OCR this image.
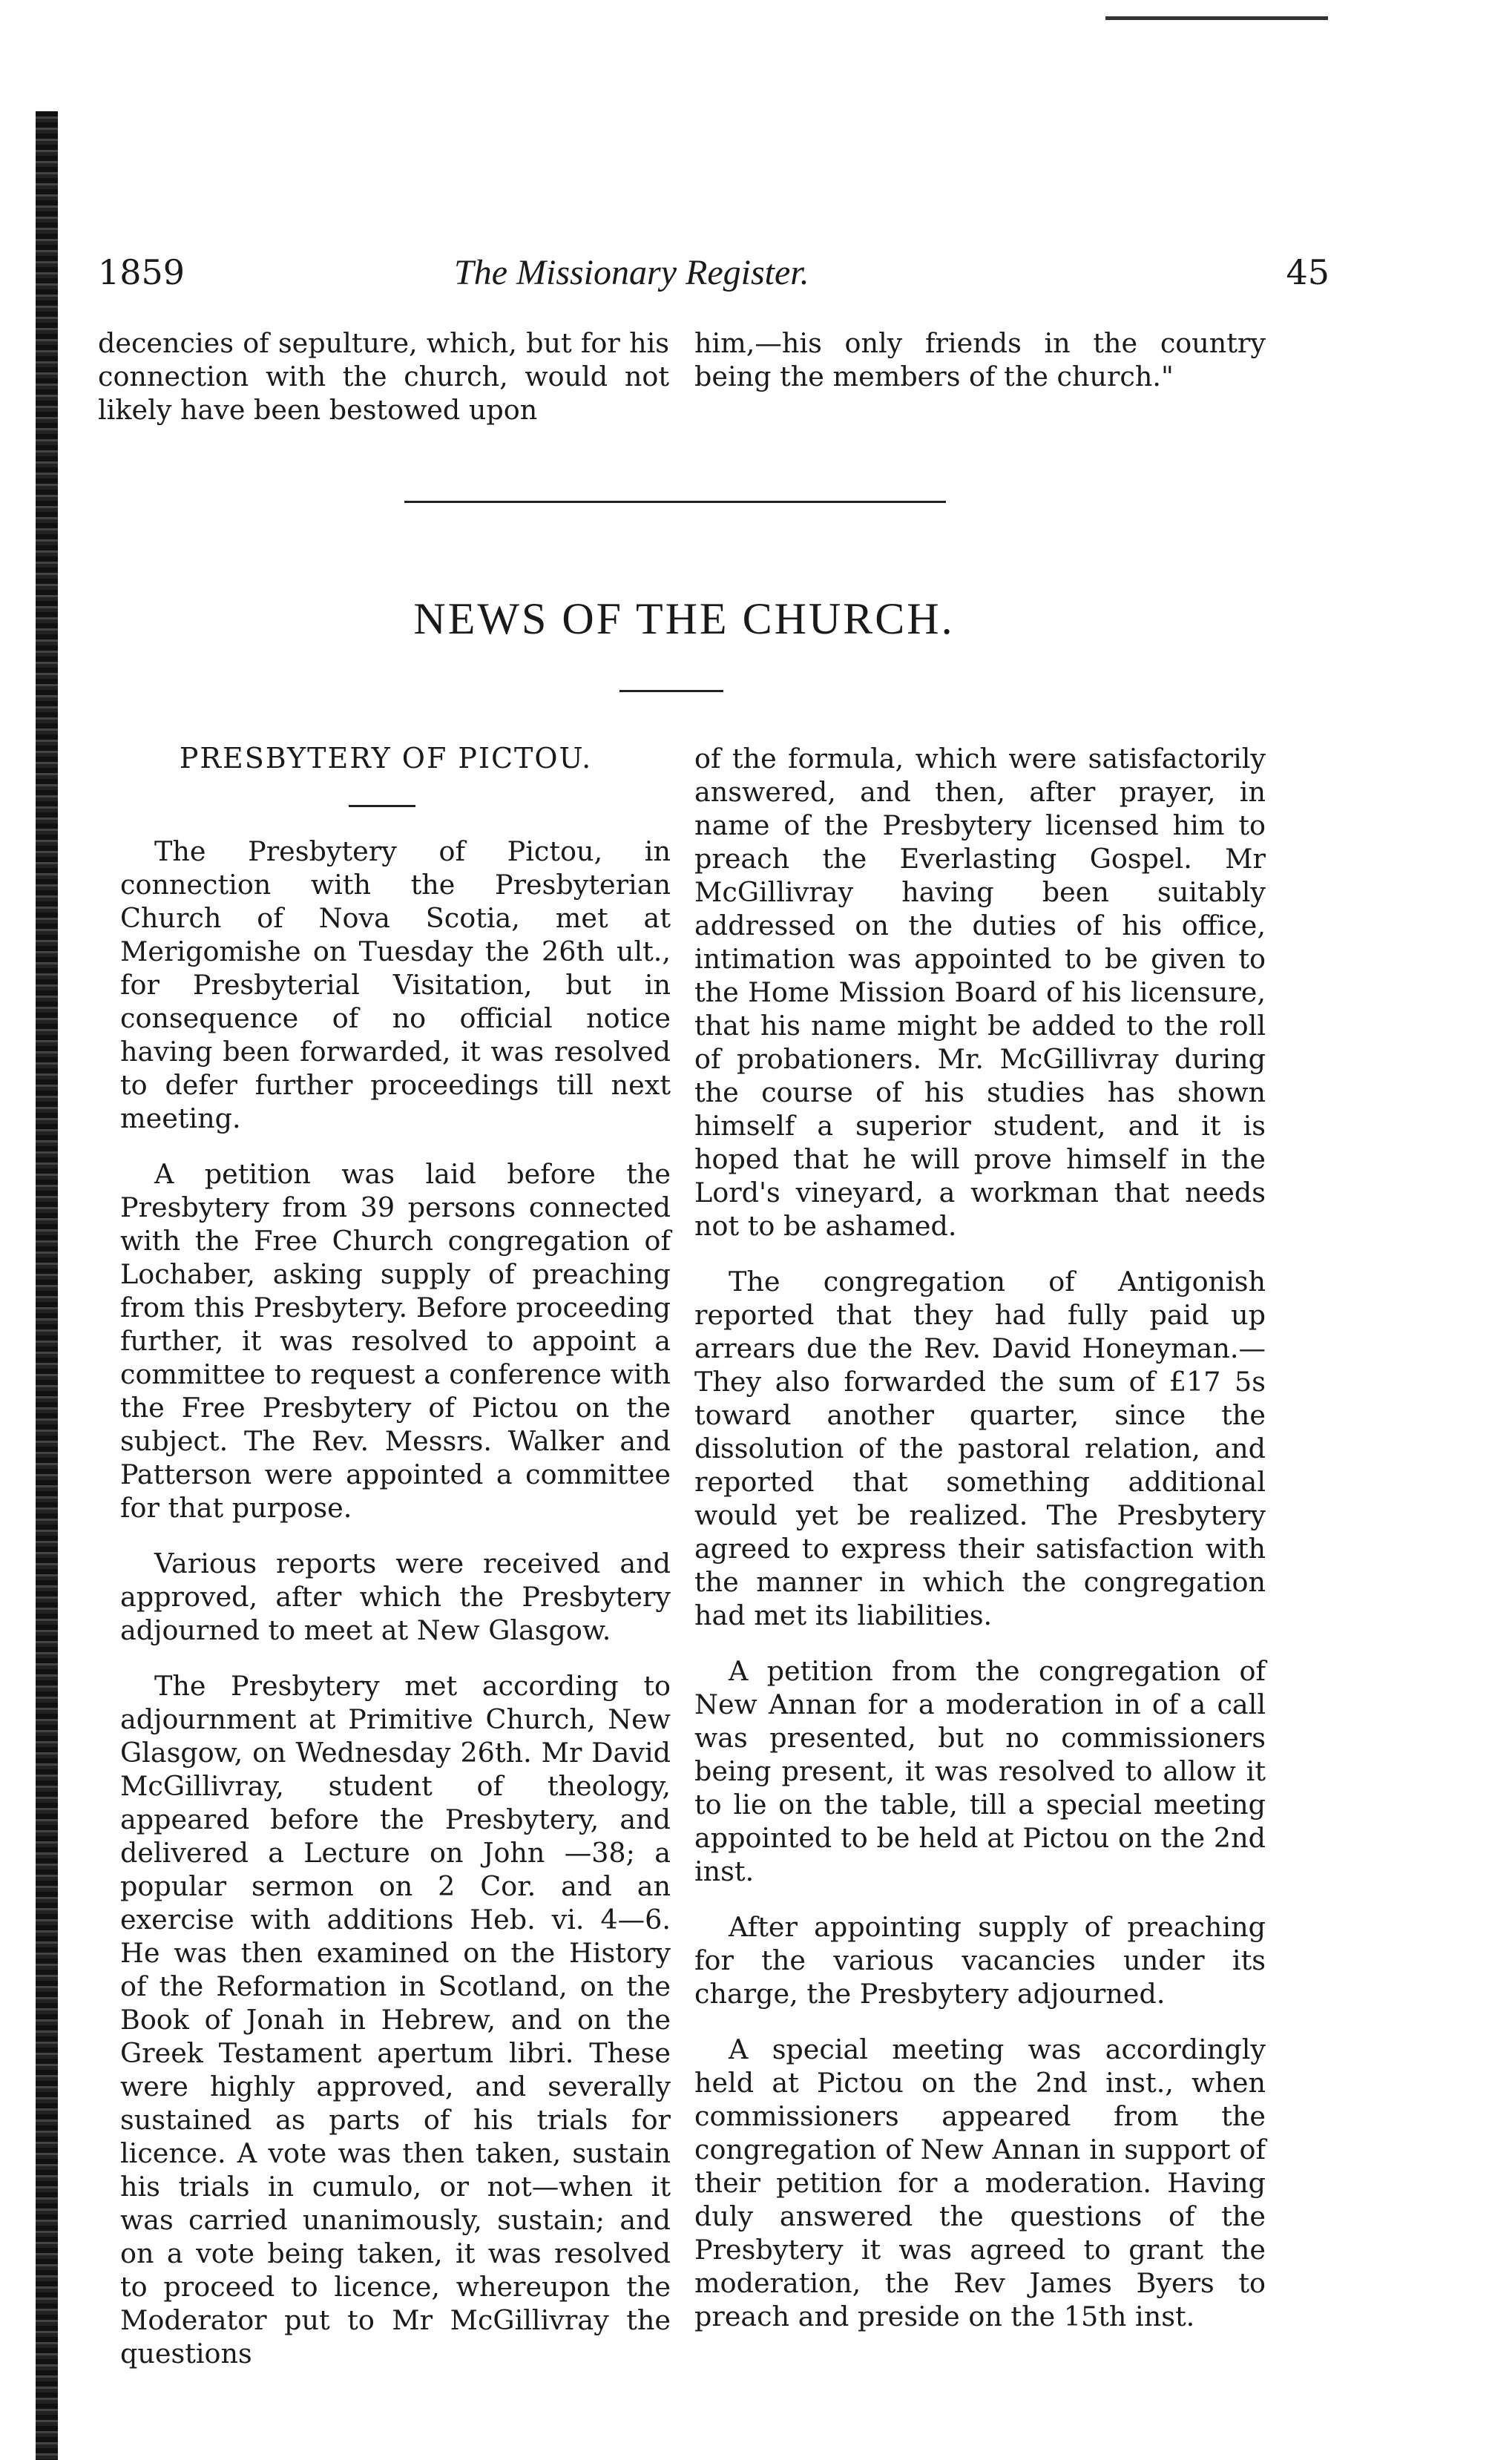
1859	The Missionary Register.	45

decencies of sepulture, which, but for his connection with the church, would not likely have been bestowed upon

him,—his only friends in the country being the members of the church."

NEWS OF THE CHURCH.
PRESBYTERY OF PICTOU.

The Presbytery of Pictou, in connection with the Presbyterian Church of Nova Scotia, met at Merigomishe on Tuesday the 26th ult., for Presbyterial Visitation, but in consequence of no official notice having been forwarded, it was resolved to defer further proceedings till next meeting.

A petition was laid before the Presbytery from 39 persons connected with the Free Church congregation of Lochaber, asking supply of preaching from this Presbytery. Before proceeding further, it was resolved to appoint a committee to request a conference with the Free Presbytery of Pictou on the subject. The Rev. Messrs. Walker and Patterson were appointed a committee for that purpose.

Various reports were received and approved, after which the Presbytery adjourned to meet at New Glasgow.

The Presbytery met according to adjournment at Primitive Church, New Glasgow, on Wednesday 26th. Mr David McGillivray, student of theology, appeared before the Presbytery, and delivered a Lecture on John —38; a popular sermon on 2 Cor. and an exercise with additions Heb. vi. 4—6. He was then examined on the History of the Reformation in Scotland, on the Book of Jonah in Hebrew, and on the Greek Testament apertum libri. These were highly approved, and severally sustained as parts of his trials for licence. A vote was then taken, sustain his trials in cumulo, or not—when it was carried unanimously, sustain; and on a vote being taken, it was resolved to proceed to licence, whereupon the Moderator put to Mr McGillivray the questions

of the formula, which were satisfactorily answered, and then, after prayer, in name of the Presbytery licensed him to preach the Everlasting Gospel. Mr McGillivray having been suitably addressed on the duties of his office, intimation was appointed to be given to the Home Mission Board of his licensure, that his name might be added to the roll of probationers. Mr. McGillivray during the course of his studies has shown himself a superior student, and it is hoped that he will prove himself in the Lord's vineyard, a workman that needs not to be ashamed.

The congregation of Antigonish reported that they had fully paid up arrears due the Rev. David Honeyman.— They also forwarded the sum of £17 5s toward another quarter, since the dissolution of the pastoral relation, and reported that something additional would yet be realized. The Presbytery agreed to express their satisfaction with the manner in which the congregation had met its liabilities.

A petition from the congregation of New Annan for a moderation in of a call was presented, but no commissioners being present, it was resolved to allow it to lie on the table, till a special meeting appointed to be held at Pictou on the 2nd inst.

After appointing supply of preaching for the various vacancies under its charge, the Presbytery adjourned.

A special meeting was accordingly held at Pictou on the 2nd inst., when commissioners appeared from the congregation of New Annan in support of their petition for a moderation. Having duly answered the questions of the Presbytery it was agreed to grant the moderation, the Rev James Byers to preach and preside on the 15th inst.
